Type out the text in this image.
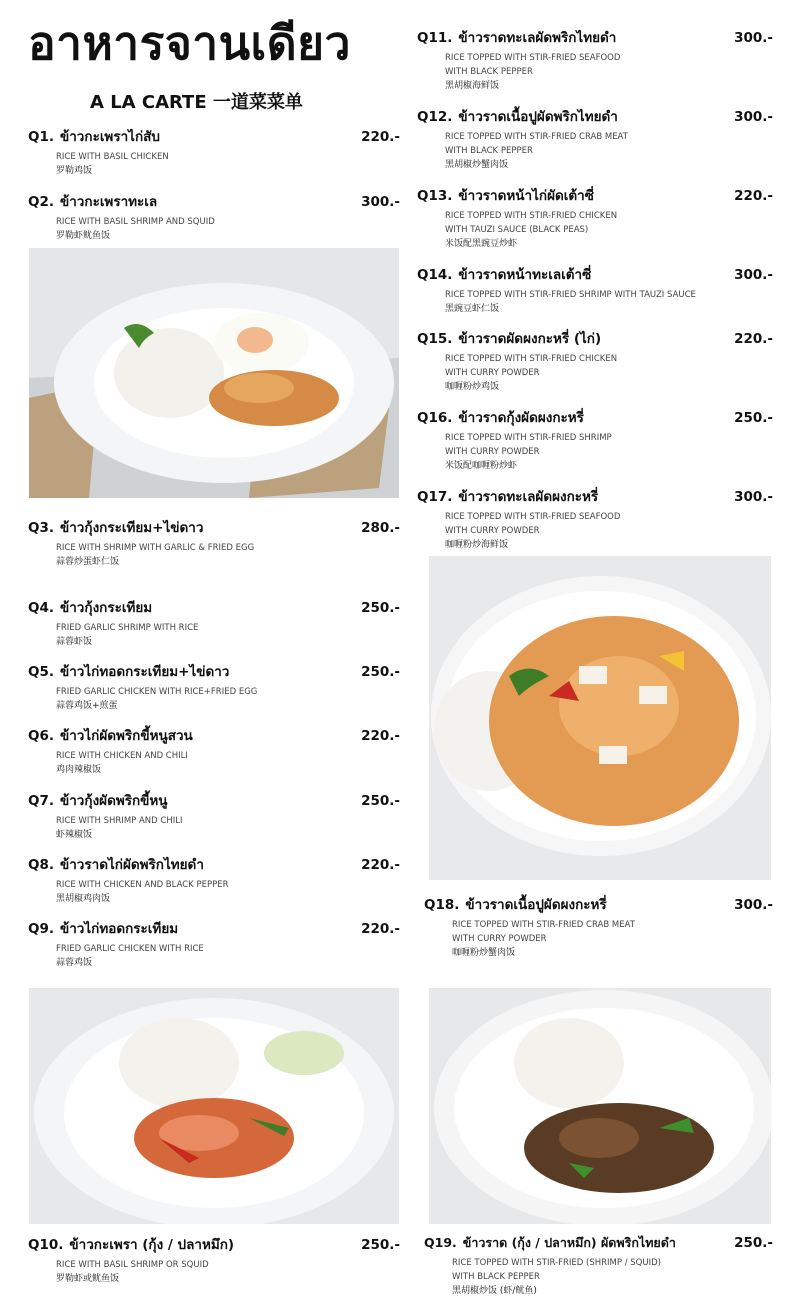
อาหารจานเดียว
A LA CARTE 一道菜菜单
Q1. ข้าวกะเพราไก่สับ	220.-
RICE WITH BASIL CHICKEN
罗勒鸡饭
Q2. ข้าวกะเพราทะเล	300.-
RICE WITH BASIL SHRIMP AND SQUID
罗勒虾鱿鱼饭
Q3. ข้าวกุ้งกระเทียม+ไข่ดาว	280.-
RICE WITH SHRIMP WITH GARLIC & FRIED EGG
蒜蓉炒蛋虾仁饭
Q4. ข้าวกุ้งกระเทียม	250.-
FRIED GARLIC SHRIMP WITH RICE
蒜蓉虾饭
Q5. ข้าวไก่ทอดกระเทียม+ไข่ดาว	250.-
FRIED GARLIC CHICKEN WITH RICE+FRIED EGG
蒜蓉鸡饭+煎蛋
Q6. ข้าวไก่ผัดพริกขี้หนูสวน	220.-
RICE WITH CHICKEN AND CHILI
鸡肉辣椒饭
Q7. ข้าวกุ้งผัดพริกขี้หนู	250.-
RICE WITH SHRIMP AND CHILI
虾辣椒饭
Q8. ข้าวราดไก่ผัดพริกไทยดำ	220.-
RICE WITH CHICKEN AND BLACK PEPPER
黑胡椒鸡肉饭
Q9. ข้าวไก่ทอดกระเทียม	220.-
FRIED GARLIC CHICKEN WITH RICE
蒜蓉鸡饭
Q10. ข้าวกะเพรา (กุ้ง / ปลาหมึก)	250.-
RICE WITH BASIL SHRIMP OR SQUID
罗勒虾或鱿鱼饭
Q11. ข้าวราดทะเลผัดพริกไทยดำ	300.-
RICE TOPPED WITH STIR-FRIED SEAFOOD
WITH BLACK PEPPER
黑胡椒海鲜饭
Q12. ข้าวราดเนื้อปูผัดพริกไทยดำ	300.-
RICE TOPPED WITH STIR-FRIED CRAB MEAT
WITH BLACK PEPPER
黑胡椒炒蟹肉饭
Q13. ข้าวราดหน้าไก่ผัดเต้าซี่	220.-
RICE TOPPED WITH STIR-FRIED CHICKEN
WITH TAUZI SAUCE (BLACK PEAS)
米饭配黑豌豆炒虾
Q14. ข้าวราดหน้าทะเลเต้าซี่	300.-
RICE TOPPED WITH STIR-FRIED SHRIMP WITH TAUZI SAUCE
黑豌豆虾仁饭
Q15. ข้าวราดผัดผงกะหรี่ (ไก่)	220.-
RICE TOPPED WITH STIR-FRIED CHICKEN
WITH CURRY POWDER
咖喱粉炒鸡饭
Q16. ข้าวราดกุ้งผัดผงกะหรี่	250.-
RICE TOPPED WITH STIR-FRIED SHRIMP
WITH CURRY POWDER
米饭配咖喱粉炒虾
Q17. ข้าวราดทะเลผัดผงกะหรี่	300.-
RICE TOPPED WITH STIR-FRIED SEAFOOD
WITH CURRY POWDER
咖喱粉炒海鲜饭
Q18. ข้าวราดเนื้อปูผัดผงกะหรี่	300.-
RICE TOPPED WITH STIR-FRIED CRAB MEAT
WITH CURRY POWDER
咖喱粉炒蟹肉饭
Q19. ข้าวราด (กุ้ง / ปลาหมึก) ผัดพริกไทยดำ	250.-
RICE TOPPED WITH STIR-FRIED (SHRIMP / SQUID)
WITH BLACK PEPPER
黑胡椒炒饭 (虾/鱿鱼)
